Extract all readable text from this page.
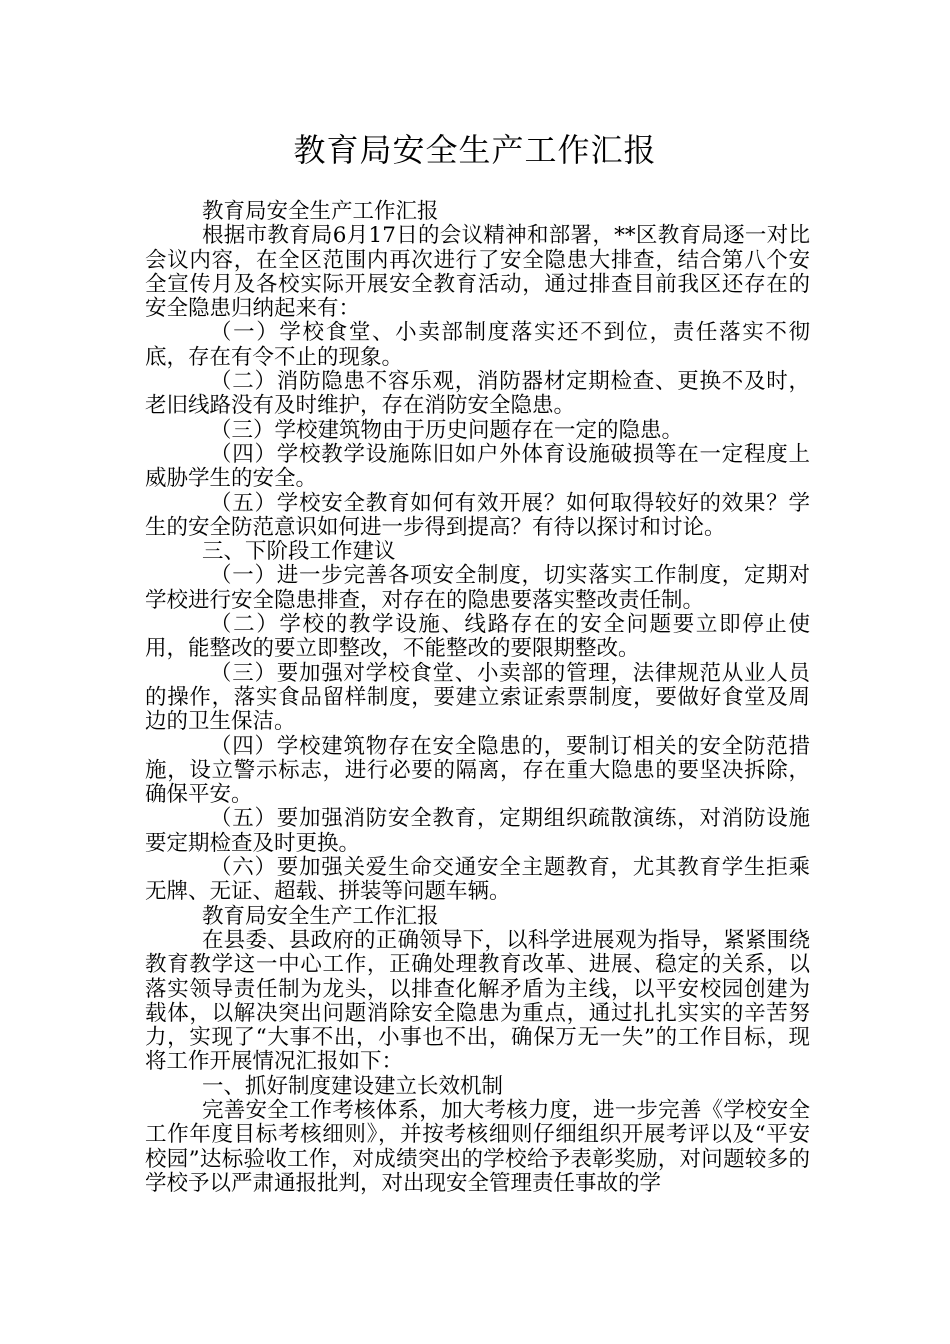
教育局安全生产工作汇报

教育局安全生产工作汇报

根据市教育局6月17日的会议精神和部署，**区教育局逐一对比会议内容，在全区范围内再次进行了安全隐患大排查，结合第八个安全宣传月及各校实际开展安全教育活动，通过排查目前我区还存在的安全隐患归纳起来有：

（一）学校食堂、小卖部制度落实还不到位，责任落实不彻底，存在有令不止的现象。

（二）消防隐患不容乐观，消防器材定期检查、更换不及时，老旧线路没有及时维护，存在消防安全隐患。

（三）学校建筑物由于历史问题存在一定的隐患。

（四）学校教学设施陈旧如户外体育设施破损等在一定程度上威胁学生的安全。

（五）学校安全教育如何有效开展？如何取得较好的效果？学生的安全防范意识如何进一步得到提高？有待以探讨和讨论。

三、下阶段工作建议

（一）进一步完善各项安全制度，切实落实工作制度，定期对学校进行安全隐患排查，对存在的隐患要落实整改责任制。

（二）学校的教学设施、线路存在的安全问题要立即停止使用，能整改的要立即整改，不能整改的要限期整改。

（三）要加强对学校食堂、小卖部的管理，法律规范从业人员的操作，落实食品留样制度，要建立索证索票制度，要做好食堂及周边的卫生保洁。

（四）学校建筑物存在安全隐患的，要制订相关的安全防范措施，设立警示标志，进行必要的隔离，存在重大隐患的要坚决拆除，确保平安。

（五）要加强消防安全教育，定期组织疏散演练，对消防设施要定期检查及时更换。

（六）要加强关爱生命交通安全主题教育，尤其教育学生拒乘无牌、无证、超载、拼装等问题车辆。

教育局安全生产工作汇报

在县委、县政府的正确领导下，以科学进展观为指导，紧紧围绕教育教学这一中心工作，正确处理教育改革、进展、稳定的关系，以落实领导责任制为龙头，以排查化解矛盾为主线，以平安校园创建为载体，以解决突出问题消除安全隐患为重点，通过扎扎实实的辛苦努力，实现了“大事不出，小事也不出，确保万无一失”的工作目标，现将工作开展情况汇报如下：

一、抓好制度建设建立长效机制

完善安全工作考核体系，加大考核力度，进一步完善《学校安全工作年度目标考核细则》，并按考核细则仔细组织开展考评以及“平安校园”达标验收工作，对成绩突出的学校给予表彰奖励，对问题较多的学校予以严肃通报批判，对出现安全管理责任事故的学
